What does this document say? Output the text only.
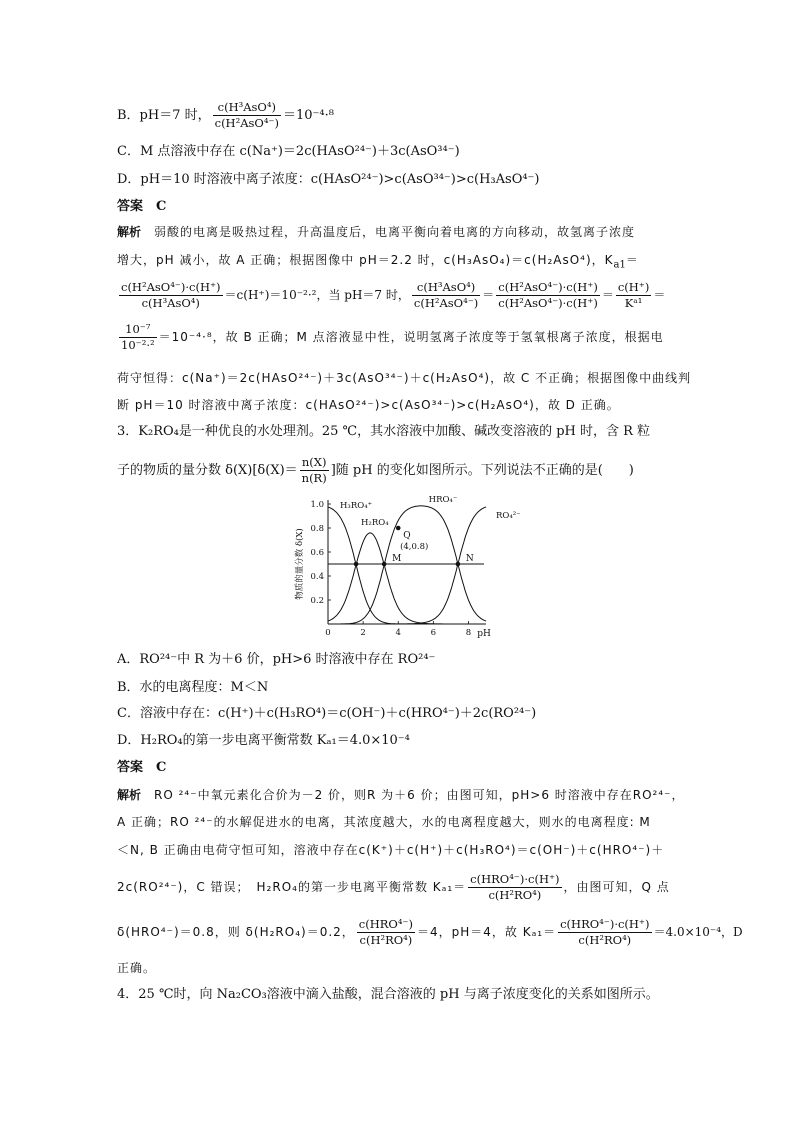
B．pH＝7 时， $\frac{\text{c(H³AsO⁴)}}{\text{c(H²AsO⁴⁻)}} =10^{-4}\cdot^8$
C．M 点溶液中存在 c(Na⁺)＝2c(HAsO²⁴⁻)＋3c(AsO³⁴⁻)
D．pH＝10 时溶液中离子浓度：c(HAsO²⁴⁻)>c(AsO³⁴⁻)>c(H₃AsO⁴⁻)
答案　C
解析　弱酸的电离是吸热过程，升高温度后，电离平衡向着电离的方向移动，故氢离子浓度
增大，pH 减小，故 A 正确；根据图像中 pH＝2.2 时，c(H₃AsO₄)＝c(H₂AsO⁴)，$K_{a1}=$
$\frac{\text{c(H²AsO⁴⁻)·c(H⁺)}}{\text{c(H³AsO⁴)}} =c(H^+)=10^{-2}\cdot^2$，当 pH＝7 时， $\frac{\text{c(H³AsO⁴)}}{\text{c(H²AsO⁴⁻)}} = \frac{\text{c(H²AsO⁴⁻)·c(H⁺)}}{\text{c(H²AsO⁴⁻)·c(H⁺)}} = \frac{c(H^+)}{\text{Kᵃ¹}}$ ＝
$\frac{\text{10⁻⁷}}{\text{10⁻²·²}} =10^{-4}\cdot^8$，故 B 正确；M 点溶液显中性，说明氢离子浓度等于氢氧根离子浓度，根据电
荷守恒得：c(Na⁺)＝2c(HAsO²⁴⁻)＋3c(AsO³⁴⁻)＋c(H₂AsO⁴)，故 C 不正确；根据图像中曲线判
断 pH＝10 时溶液中离子浓度：c(HAsO²⁴⁻)>c(AsO³⁴⁻)>c(H₂AsO⁴)，故 D 正确。
3．K₂RO₄是一种优良的水处理剂。25 ℃，其水溶液中加酸、碱改变溶液的 pH 时，含 R 粒
子的物质的量分数 $\delta(X)[\delta(X)= \frac{n(X)}{n(R)}$ ]随 pH 的变化如图所示。下列说法不正确的是(　　)
0.2
0.4
0.6
0.8
1.0
0	2	4	6	8 pH
物质的量分数 δ(X)	M	N
Q
(4,0.8)
H₃RO₄⁺
H₂RO₄
HRO₄⁻
RO₄²⁻
A．RO²⁴⁻中 R 为＋6 价，pH>6 时溶液中存在 RO²⁴⁻
B．水的电离程度：M＜N
C．溶液中存在：c(H⁺)＋c(H₃RO⁴)＝c(OH⁻)＋c(HRO⁴⁻)＋2c(RO²⁴⁻)
D．H₂RO₄的第一步电离平衡常数 Kₐ₁＝4.0×10⁻⁴
答案　C
解析　RO ²⁴⁻中氧元素化合价为－2 价，则R 为＋6 价；由图可知，pH>6 时溶液中存在RO²⁴⁻，
A 正确；RO ²⁴⁻的水解促进水的电离，其浓度越大，水的电离程度越大，则水的电离程度: M
＜N, B 正确由电荷守恒可知，溶液中存在c(K⁺)＋c(H⁺)＋c(H₃RO⁴)＝c(OH⁻)＋c(HRO⁴⁻)＋
2c(RO²⁴⁻)，C 错误；　H₂RO₄的第一步电离平衡常数 $K_{a1}= \frac{\text{c(HRO⁴⁻)·c(H⁺)}}{\text{c(H²RO⁴)}}$ ，由图可知，Q 点
δ(HRO⁴⁻)＝0.8，则 δ(H₂RO₄)＝0.2， $\frac{\text{c(HRO⁴⁻)}}{\text{c(H²RO⁴)}} =4$，pH＝4，故 $K_{a1}= \frac{\text{c(HRO⁴⁻)·c(H⁺)}}{\text{c(H²RO⁴)}} =4.0\times 10^{-4}$，D
正确。
4．25 ℃时，向 Na₂CO₃溶液中滴入盐酸，混合溶液的 pH 与离子浓度变化的关系如图所示。
